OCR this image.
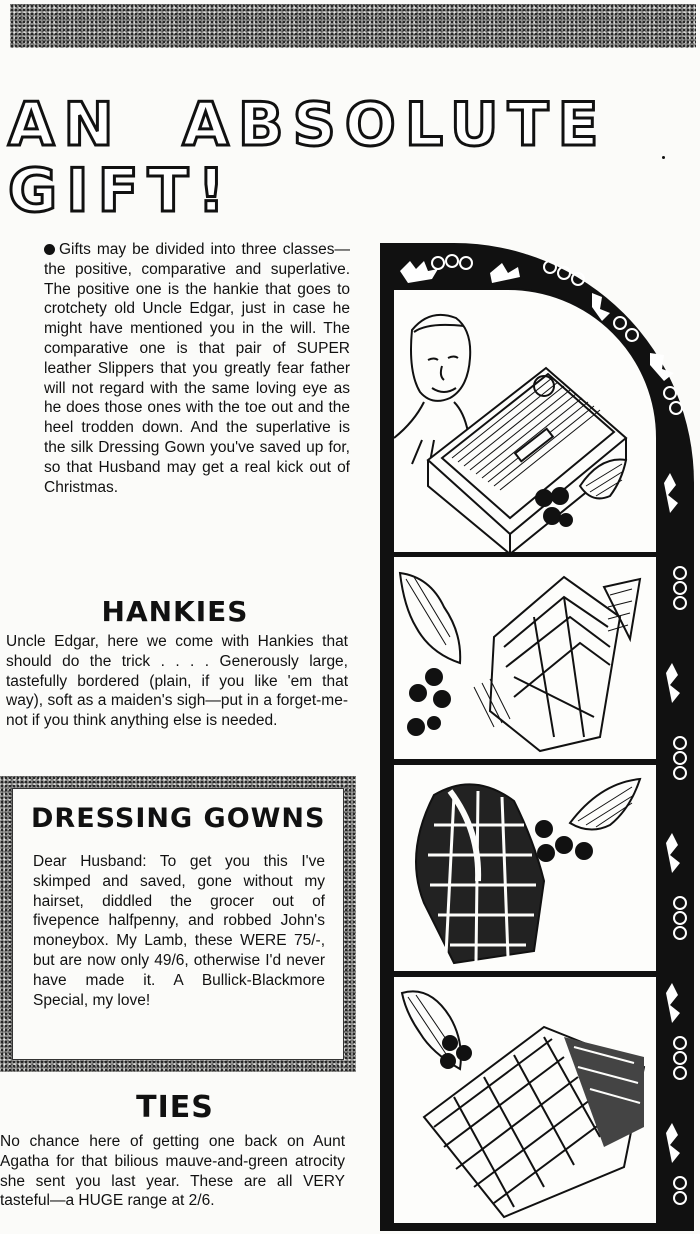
AN  ABSOLUTE
GIFT!

Gifts may be divided into three classes—the positive, comparative and superlative. The positive one is the hankie that goes to crotchety old Uncle Edgar, just in case he might have mentioned you in the will. The comparative one is that pair of SUPER leather Slippers that you greatly fear father will not regard with the same loving eye as he does those ones with the toe out and the heel trodden down. And the superlative is the silk Dressing Gown you've saved up for, so that Husband may get a real kick out of Christmas.

HANKIES

Uncle Edgar, here we come with Hankies that should do the trick . . . . Generously large, tastefully bordered (plain, if you like 'em that way), soft as a maiden's sigh—put in a forget-me-not if you think anything else is needed.

DRESSING GOWNS

Dear Husband: To get you this I've skimped and saved, gone without my hairset, diddled the grocer out of fivepence halfpenny, and robbed John's moneybox. My Lamb, these WERE 75/-, but are now only 49/6, otherwise I'd never have made it. A Bullick-Blackmore Special, my love!

TIES

No chance here of getting one back on Aunt Agatha for that bilious mauve-and-green atrocity she sent you last year. These are all VERY tasteful—a HUGE range at 2/6.
